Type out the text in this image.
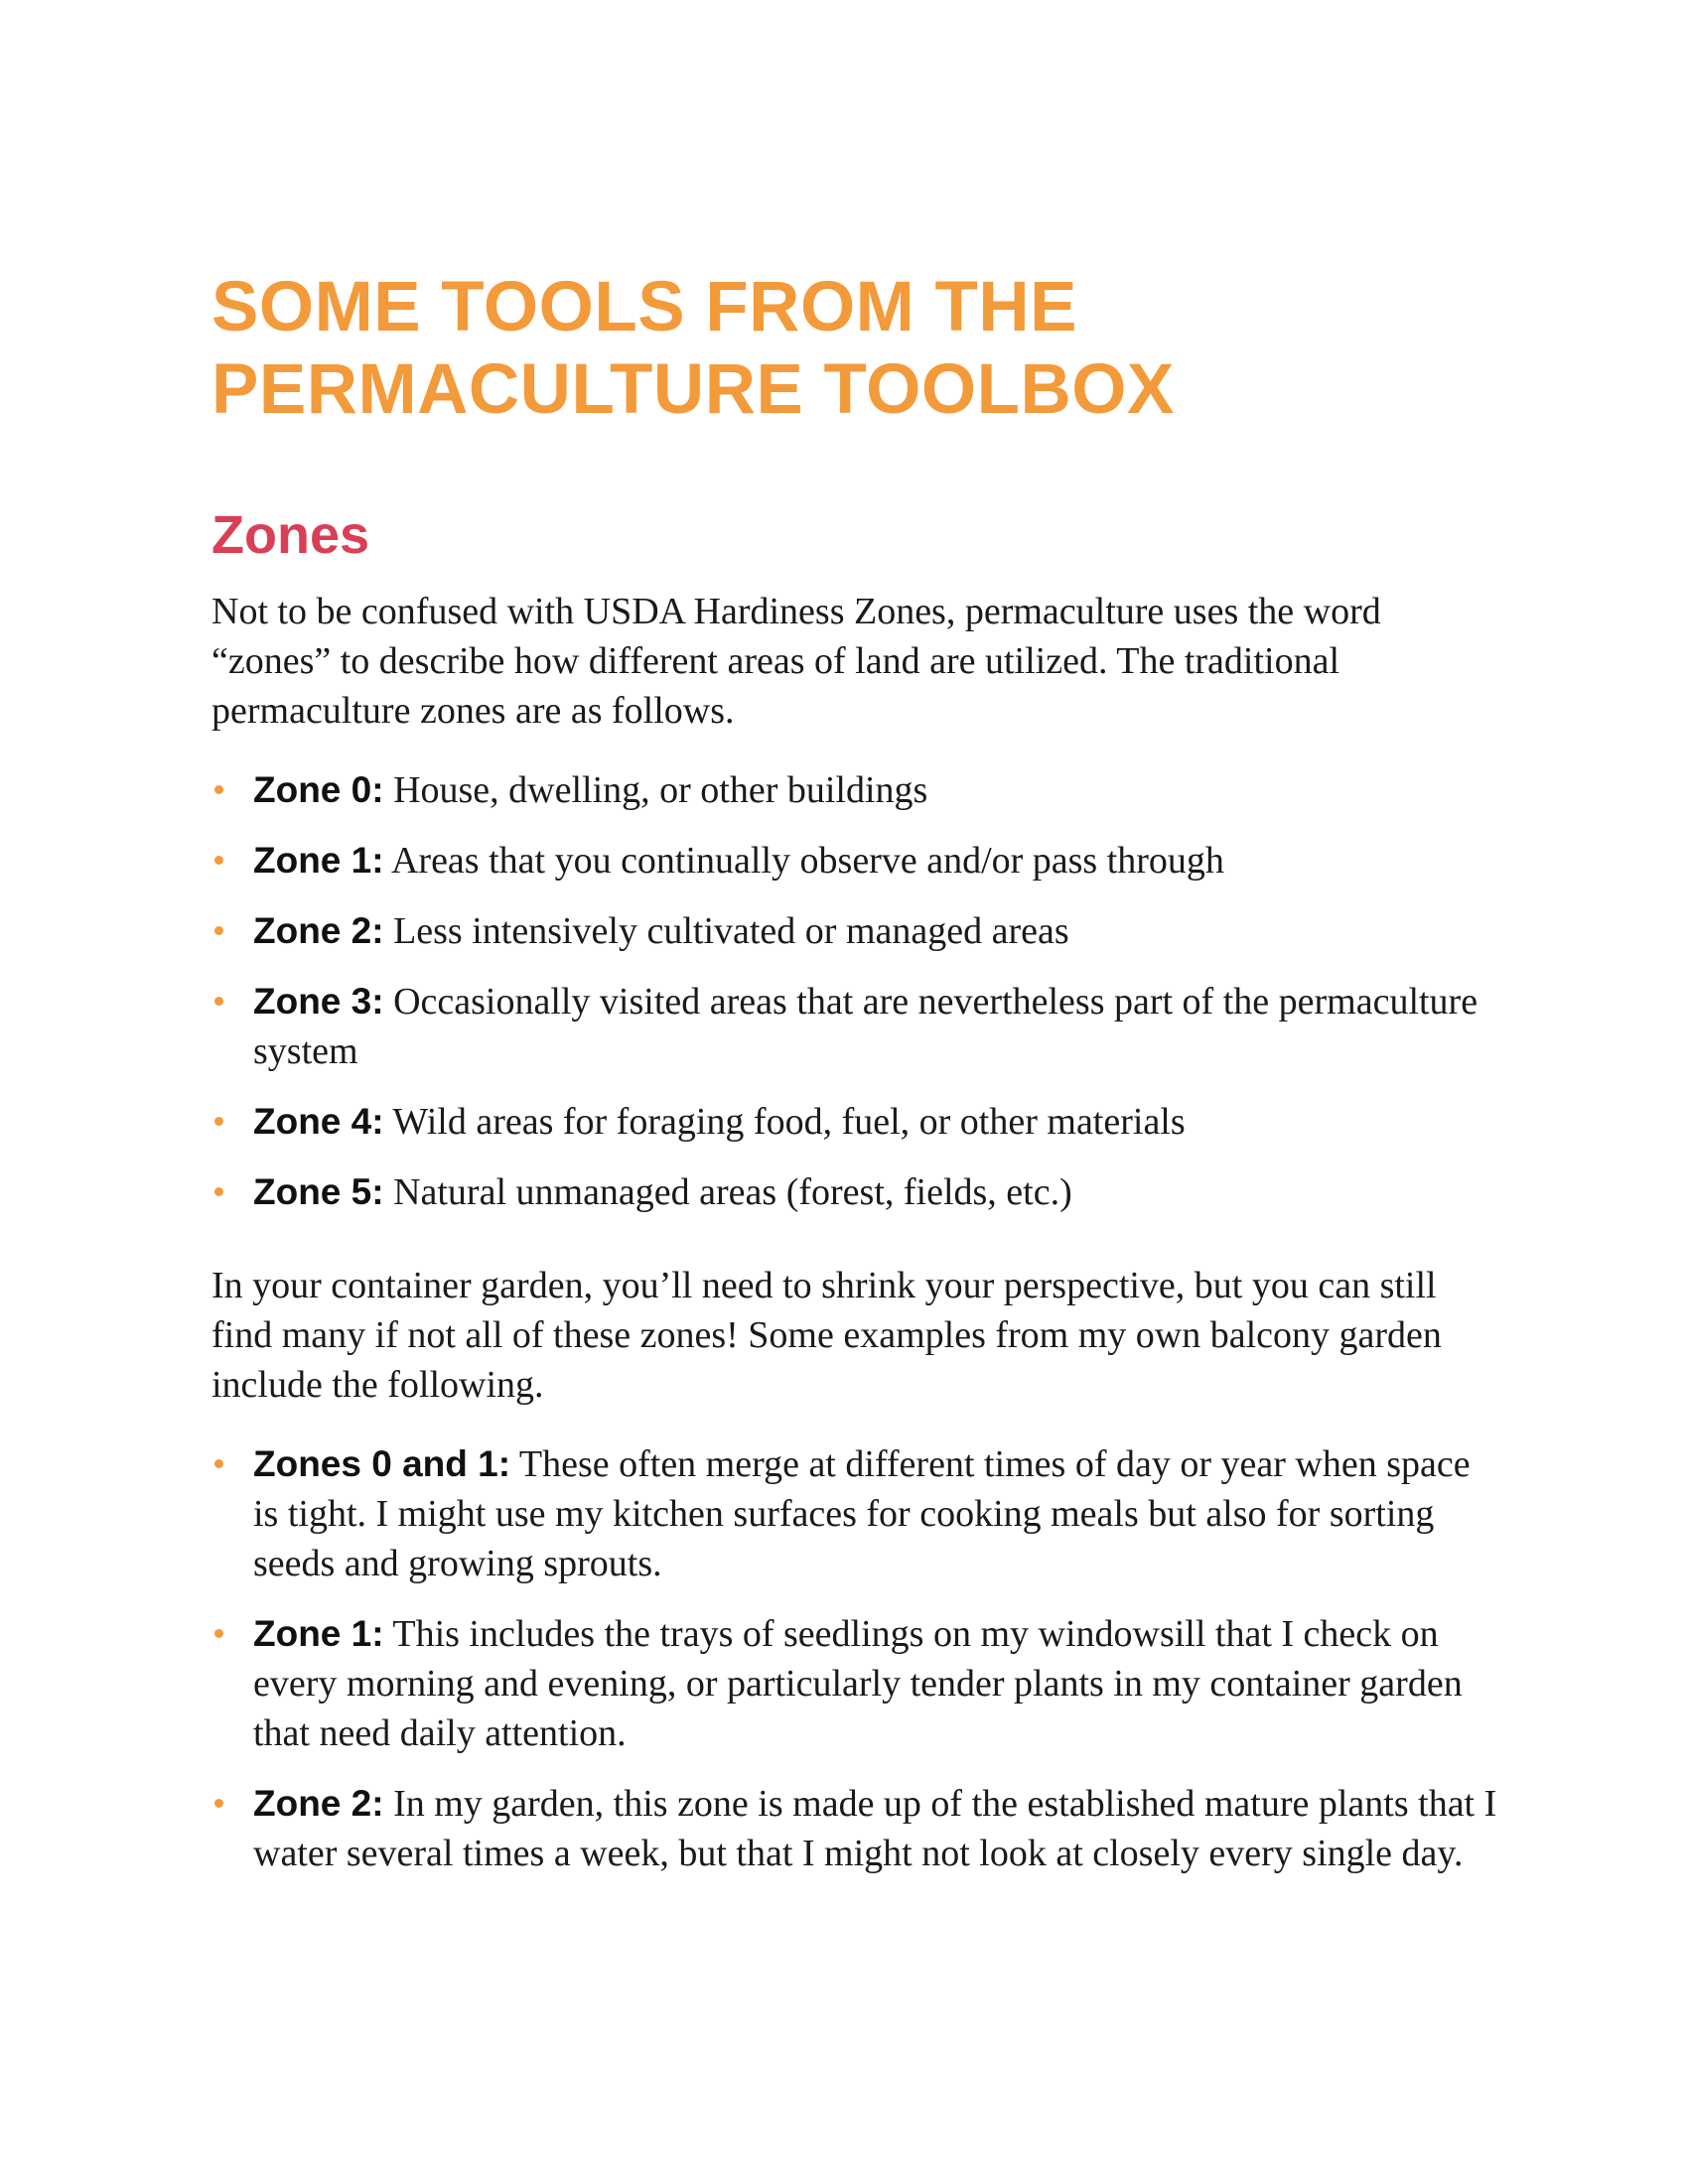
SOME TOOLS FROM THE
PERMACULTURE TOOLBOX
Zones

Not to be confused with USDA Hardiness Zones, permaculture uses the word “zones” to describe how different areas of land are utilized. The traditional permaculture zones are as follows.

Zone 0: House, dwelling, or other buildings
Zone 1: Areas that you continually observe and/or pass through
Zone 2: Less intensively cultivated or managed areas
Zone 3: Occasionally visited areas that are nevertheless part of the permaculture system
Zone 4: Wild areas for foraging food, fuel, or other materials
Zone 5: Natural unmanaged areas (forest, fields, etc.)

In your container garden, you’ll need to shrink your perspective, but you can still find many if not all of these zones! Some examples from my own balcony garden include the following.

Zones 0 and 1: These often merge at different times of day or year when space is tight. I might use my kitchen surfaces for cooking meals but also for sorting seeds and growing sprouts.
Zone 1: This includes the trays of seedlings on my windowsill that I check on every morning and evening, or particularly tender plants in my container garden that need daily attention.
Zone 2: In my garden, this zone is made up of the established mature plants that I water several times a week, but that I might not look at closely every single day.
